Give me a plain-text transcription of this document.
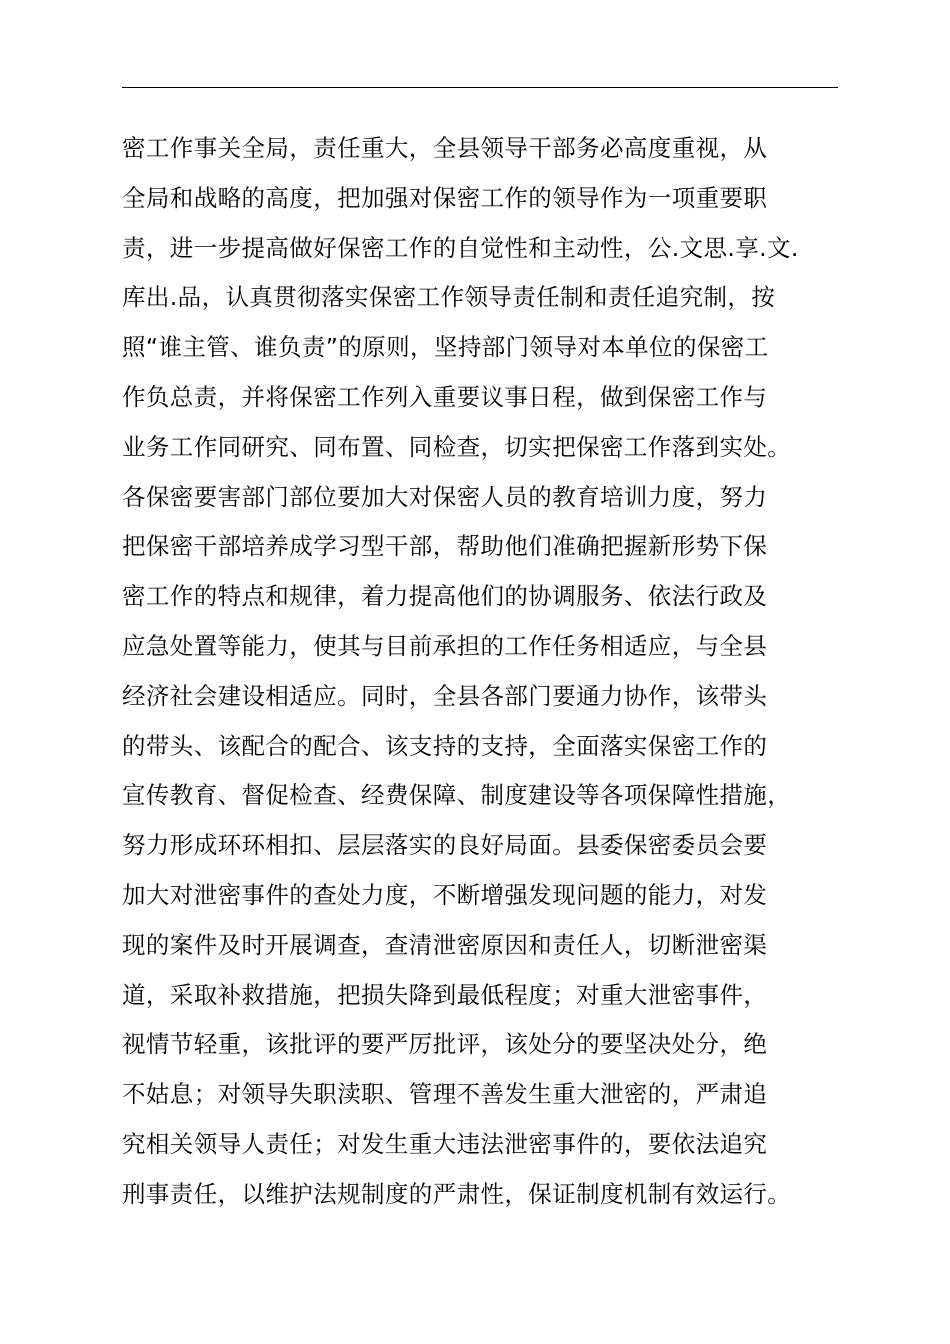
密工作事关全局，责任重大，全县领导干部务必高度重视，从
全局和战略的高度，把加强对保密工作的领导作为一项重要职
责，进一步提高做好保密工作的自觉性和主动性，公.文思.享.文.
库出.品，认真贯彻落实保密工作领导责任制和责任追究制，按
照“谁主管、谁负责”的原则，坚持部门领导对本单位的保密工
作负总责，并将保密工作列入重要议事日程，做到保密工作与
业务工作同研究、同布置、同检查，切实把保密工作落到实处。
各保密要害部门部位要加大对保密人员的教育培训力度，努力
把保密干部培养成学习型干部，帮助他们准确把握新形势下保
密工作的特点和规律，着力提高他们的协调服务、依法行政及
应急处置等能力，使其与目前承担的工作任务相适应，与全县
经济社会建设相适应。同时，全县各部门要通力协作，该带头
的带头、该配合的配合、该支持的支持，全面落实保密工作的
宣传教育、督促检查、经费保障、制度建设等各项保障性措施，
努力形成环环相扣、层层落实的良好局面。县委保密委员会要
加大对泄密事件的查处力度，不断增强发现问题的能力，对发
现的案件及时开展调查，查清泄密原因和责任人，切断泄密渠
道，采取补救措施，把损失降到最低程度；对重大泄密事件，
视情节轻重，该批评的要严厉批评，该处分的要坚决处分，绝
不姑息；对领导失职渎职、管理不善发生重大泄密的，严肃追
究相关领导人责任；对发生重大违法泄密事件的，要依法追究
刑事责任，以维护法规制度的严肃性，保证制度机制有效运行。
